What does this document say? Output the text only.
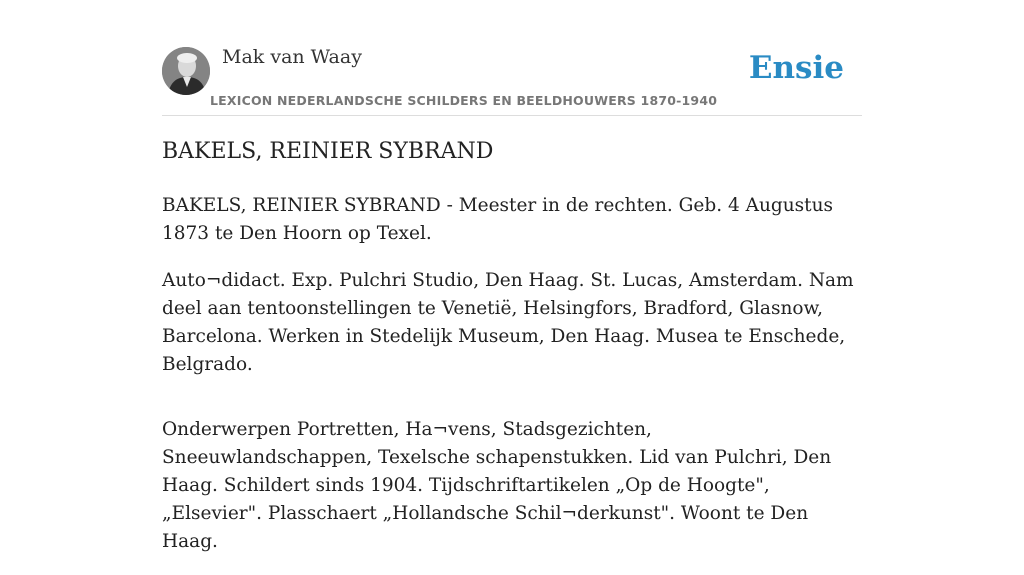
Mak van Waay
LEXICON NEDERLANDSCHE SCHILDERS EN BEELDHOUWERS 1870-1940
Ensie
BAKELS, REINIER SYBRAND

BAKELS, REINIER SYBRAND - Meester in de rechten. Geb. 4 Augustus 1873 te Den Hoorn op Texel.

Auto¬didact. Exp. Pulchri Studio, Den Haag. St. Lucas, Amsterdam. Nam deel aan tentoonstellingen te Venetië, Helsingfors, Bradford, Glasnow, Barcelona. Werken in Stedelijk Museum, Den Haag. Musea te Enschede, Belgrado.

Onderwerpen Portretten, Ha¬vens, Stadsgezichten, Sneeuwlandschappen, Texelsche schapenstukken. Lid van Pulchri, Den Haag. Schildert sinds 1904. Tijdschriftartikelen „Op de Hoogte", „Elsevier". Plasschaert „Hollandsche Schil¬derkunst". Woont te Den Haag.
